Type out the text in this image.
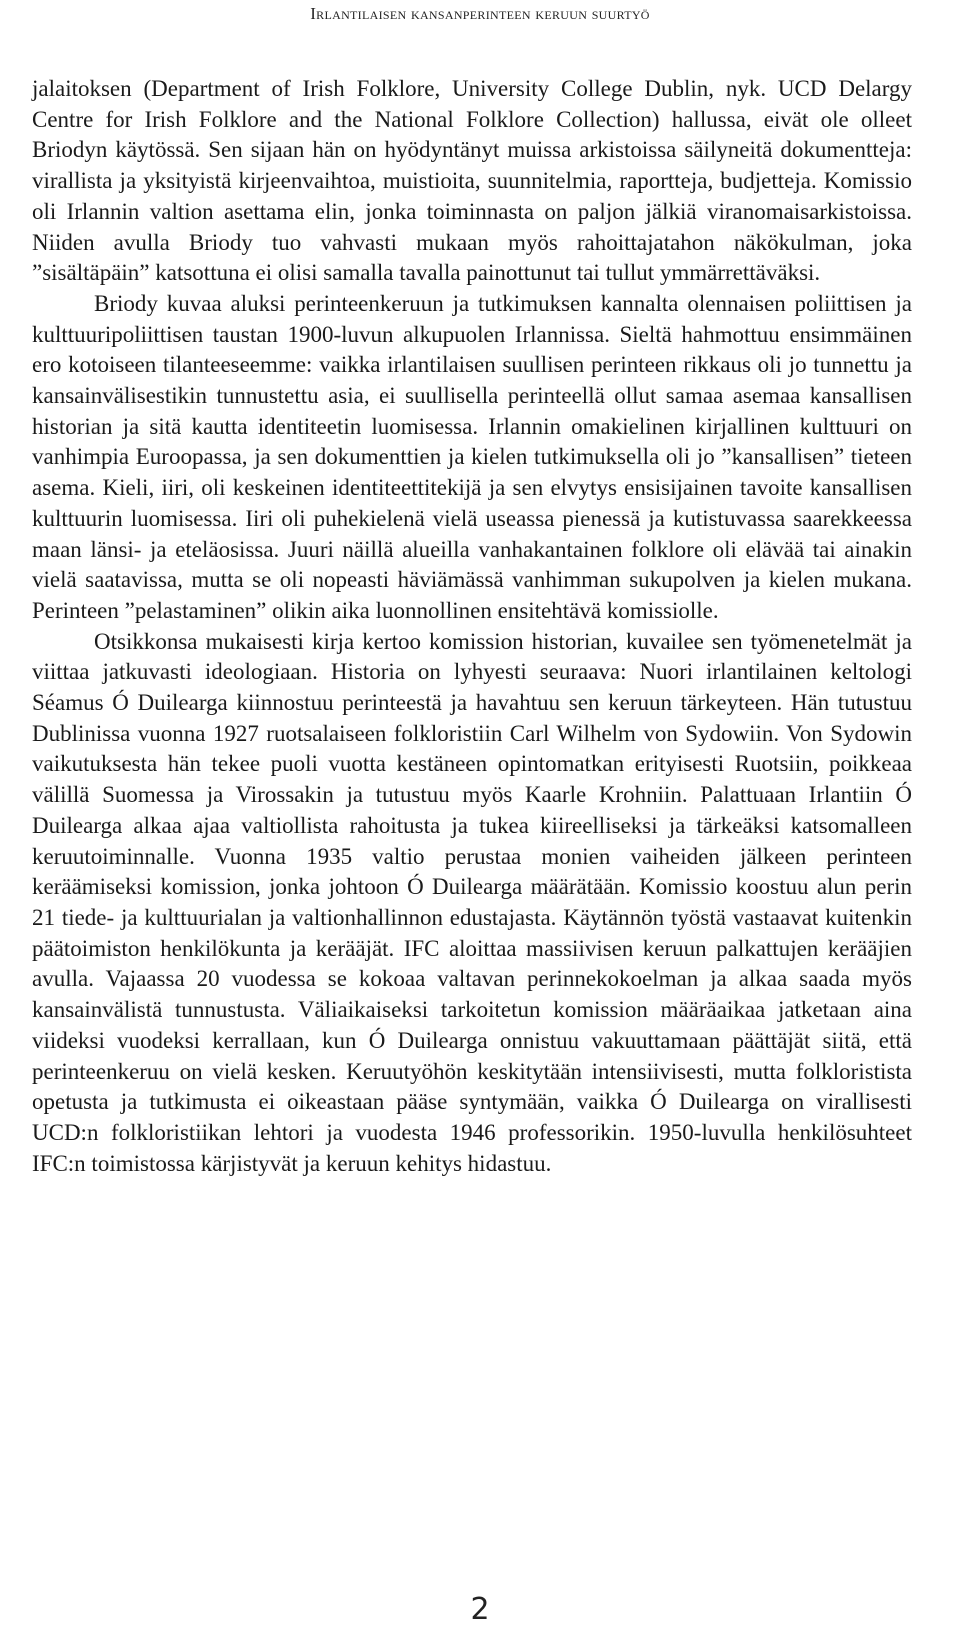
Irlantilaisen kansanperinteen keruun suurtyö

jalaitoksen (Department of Irish Folklore, University College Dublin, nyk. UCD Delargy Centre for Irish Folklore and the National Folklore Collection) hallussa, eivät ole olleet Briodyn käytössä. Sen sijaan hän on hyödyntänyt muissa arkistoissa säilyneitä dokumentteja: virallista ja yksityistä kirjeenvaihtoa, muistioita, suunnitelmia, raportteja, budjetteja. Komissio oli Irlannin valtion asettama elin, jonka toiminnasta on paljon jälkiä viranomaisarkistoissa. Niiden avulla Briody tuo vahvasti mukaan myös rahoittajatahon näkökulman, joka ”sisältäpäin” katsottuna ei olisi samalla tavalla painottunut tai tullut ymmärrettäväksi.

Briody kuvaa aluksi perinteenkeruun ja tutkimuksen kannalta olennaisen poliittisen ja kulttuuripoliittisen taustan 1900-luvun alkupuolen Irlannissa. Sieltä hahmottuu ensimmäinen ero kotoiseen tilanteeseemme: vaikka irlantilaisen suullisen perinteen rikkaus oli jo tunnettu ja kansainvälisestikin tunnustettu asia, ei suullisella perinteellä ollut samaa asemaa kansallisen historian ja sitä kautta identiteetin luomisessa. Irlannin omakielinen kirjallinen kulttuuri on vanhimpia Euroopassa, ja sen dokumenttien ja kielen tutkimuksella oli jo ”kansallisen” tieteen asema. Kieli, iiri, oli keskeinen identiteettitekijä ja sen elvytys ensisijainen tavoite kansallisen kulttuurin luomisessa. Iiri oli puhekielenä vielä useassa pienessä ja kutistuvassa saarekkeessa maan länsi- ja eteläosissa. Juuri näillä alueilla vanhakantainen folklore oli elävää tai ainakin vielä saatavissa, mutta se oli nopeasti häviämässä vanhimman sukupolven ja kielen mukana. Perinteen ”pelastaminen” olikin aika luonnollinen ensitehtävä komissiolle.

Otsikkonsa mukaisesti kirja kertoo komission historian, kuvailee sen työmenetelmät ja viittaa jatkuvasti ideologiaan. Historia on lyhyesti seuraava: Nuori irlantilainen keltologi Séamus Ó Duilearga kiinnostuu perinteestä ja havahtuu sen keruun tärkeyteen. Hän tutustuu Dublinissa vuonna 1927 ruotsalaiseen folkloristiin Carl Wilhelm von Sydowiin. Von Sydowin vaikutuksesta hän tekee puoli vuotta kestäneen opintomatkan erityisesti Ruotsiin, poikkeaa välillä Suomessa ja Virossakin ja tutustuu myös Kaarle Krohniin. Palattuaan Irlantiin Ó Duilearga alkaa ajaa valtiollista rahoitusta ja tukea kiireelliseksi ja tärkeäksi katsomalleen keruutoiminnalle. Vuonna 1935 valtio perustaa monien vaiheiden jälkeen perinteen keräämiseksi komission, jonka johtoon Ó Duilearga määrätään. Komissio koostuu alun perin 21 tiede- ja kulttuurialan ja valtionhallinnon edustajasta. Käytännön työstä vastaavat kuitenkin päätoimiston henkilökunta ja kerääjät. IFC aloittaa massiivisen keruun palkattujen kerääjien avulla. Vajaassa 20 vuodessa se kokoaa valtavan perinnekokoelman ja alkaa saada myös kansainvälistä tunnustusta. Väliaikaiseksi tarkoitetun komission määräaikaa jatketaan aina viideksi vuodeksi kerrallaan, kun Ó Duilearga onnistuu vakuuttamaan päättäjät siitä, että perinteenkeruu on vielä kesken. Keruutyöhön keskitytään intensiivisesti, mutta folkloristista opetusta ja tutkimusta ei oikeastaan pääse syntymään, vaikka Ó Duilearga on virallisesti UCD:n folkloristiikan lehtori ja vuodesta 1946 professorikin. 1950-luvulla henkilösuhteet IFC:n toimistossa kärjistyvät ja keruun kehitys hidastuu.

2
